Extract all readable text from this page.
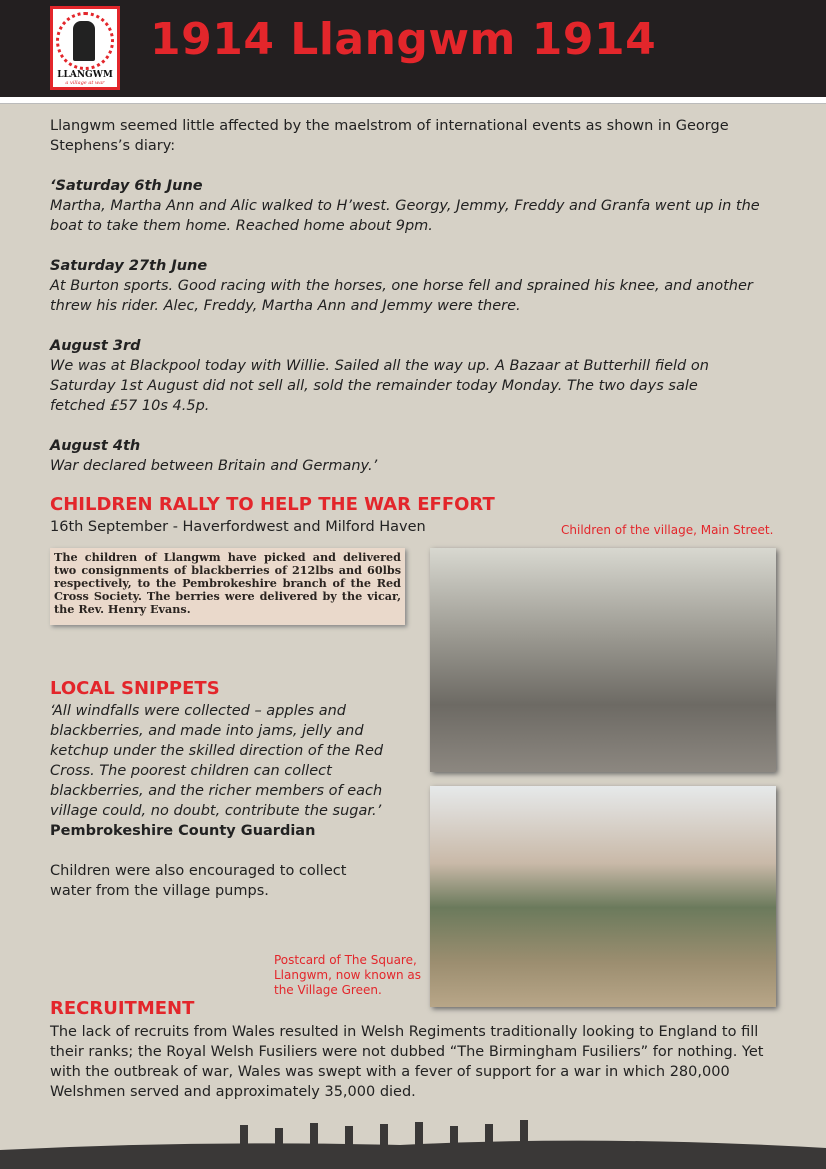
LLANGWM
a village at war
1914 Llangwm 1914
Llangwm seemed little affected by the maelstrom of international events as shown in George Stephens’s diary:
‘Saturday 6th June
Martha, Martha Ann and Alic walked to H’west. Georgy, Jemmy, Freddy and Granfa went up in the boat to take them home. Reached home about 9pm.
Saturday 27th June
At Burton sports. Good racing with the horses, one horse fell and sprained his knee, and another threw his rider. Alec, Freddy, Martha Ann and Jemmy were there.
August 3rd
We was at Blackpool today with Willie. Sailed all the way up. A Bazaar at Butterhill field on Saturday 1st August did not sell all, sold the remainder today Monday. The two days sale fetched £57 10s 4.5p.
August 4th
War declared between Britain and Germany.’
CHILDREN RALLY TO HELP THE WAR EFFORT
16th September - Haverfordwest and Milford Haven	Children of the village, Main Street.
The children of Llangwm have picked and delivered two consignments of blackberries of 212lbs and 60lbs respectively, to the Pembrokeshire branch of the Red Cross Society. The berries were delivered by the vicar, the Rev. Henry Evans.
LOCAL SNIPPETS
‘All windfalls were collected – apples and blackberries, and made into jams, jelly and ketchup under the skilled direction of the Red Cross. The poorest children can collect blackberries, and the richer members of each village could, no doubt, contribute the sugar.’
Pembrokeshire County Guardian
Children were also encouraged to collect water from the village pumps.
Postcard of The Square, Llangwm, now known as the Village Green.
RECRUITMENT
The lack of recruits from Wales resulted in Welsh Regiments traditionally looking to England to fill their ranks; the Royal Welsh Fusiliers were not dubbed “The Birmingham Fusiliers” for nothing. Yet with the outbreak of war, Wales was swept with a fever of support for a war in which 280,000 Welshmen served and approximately 35,000 died.
